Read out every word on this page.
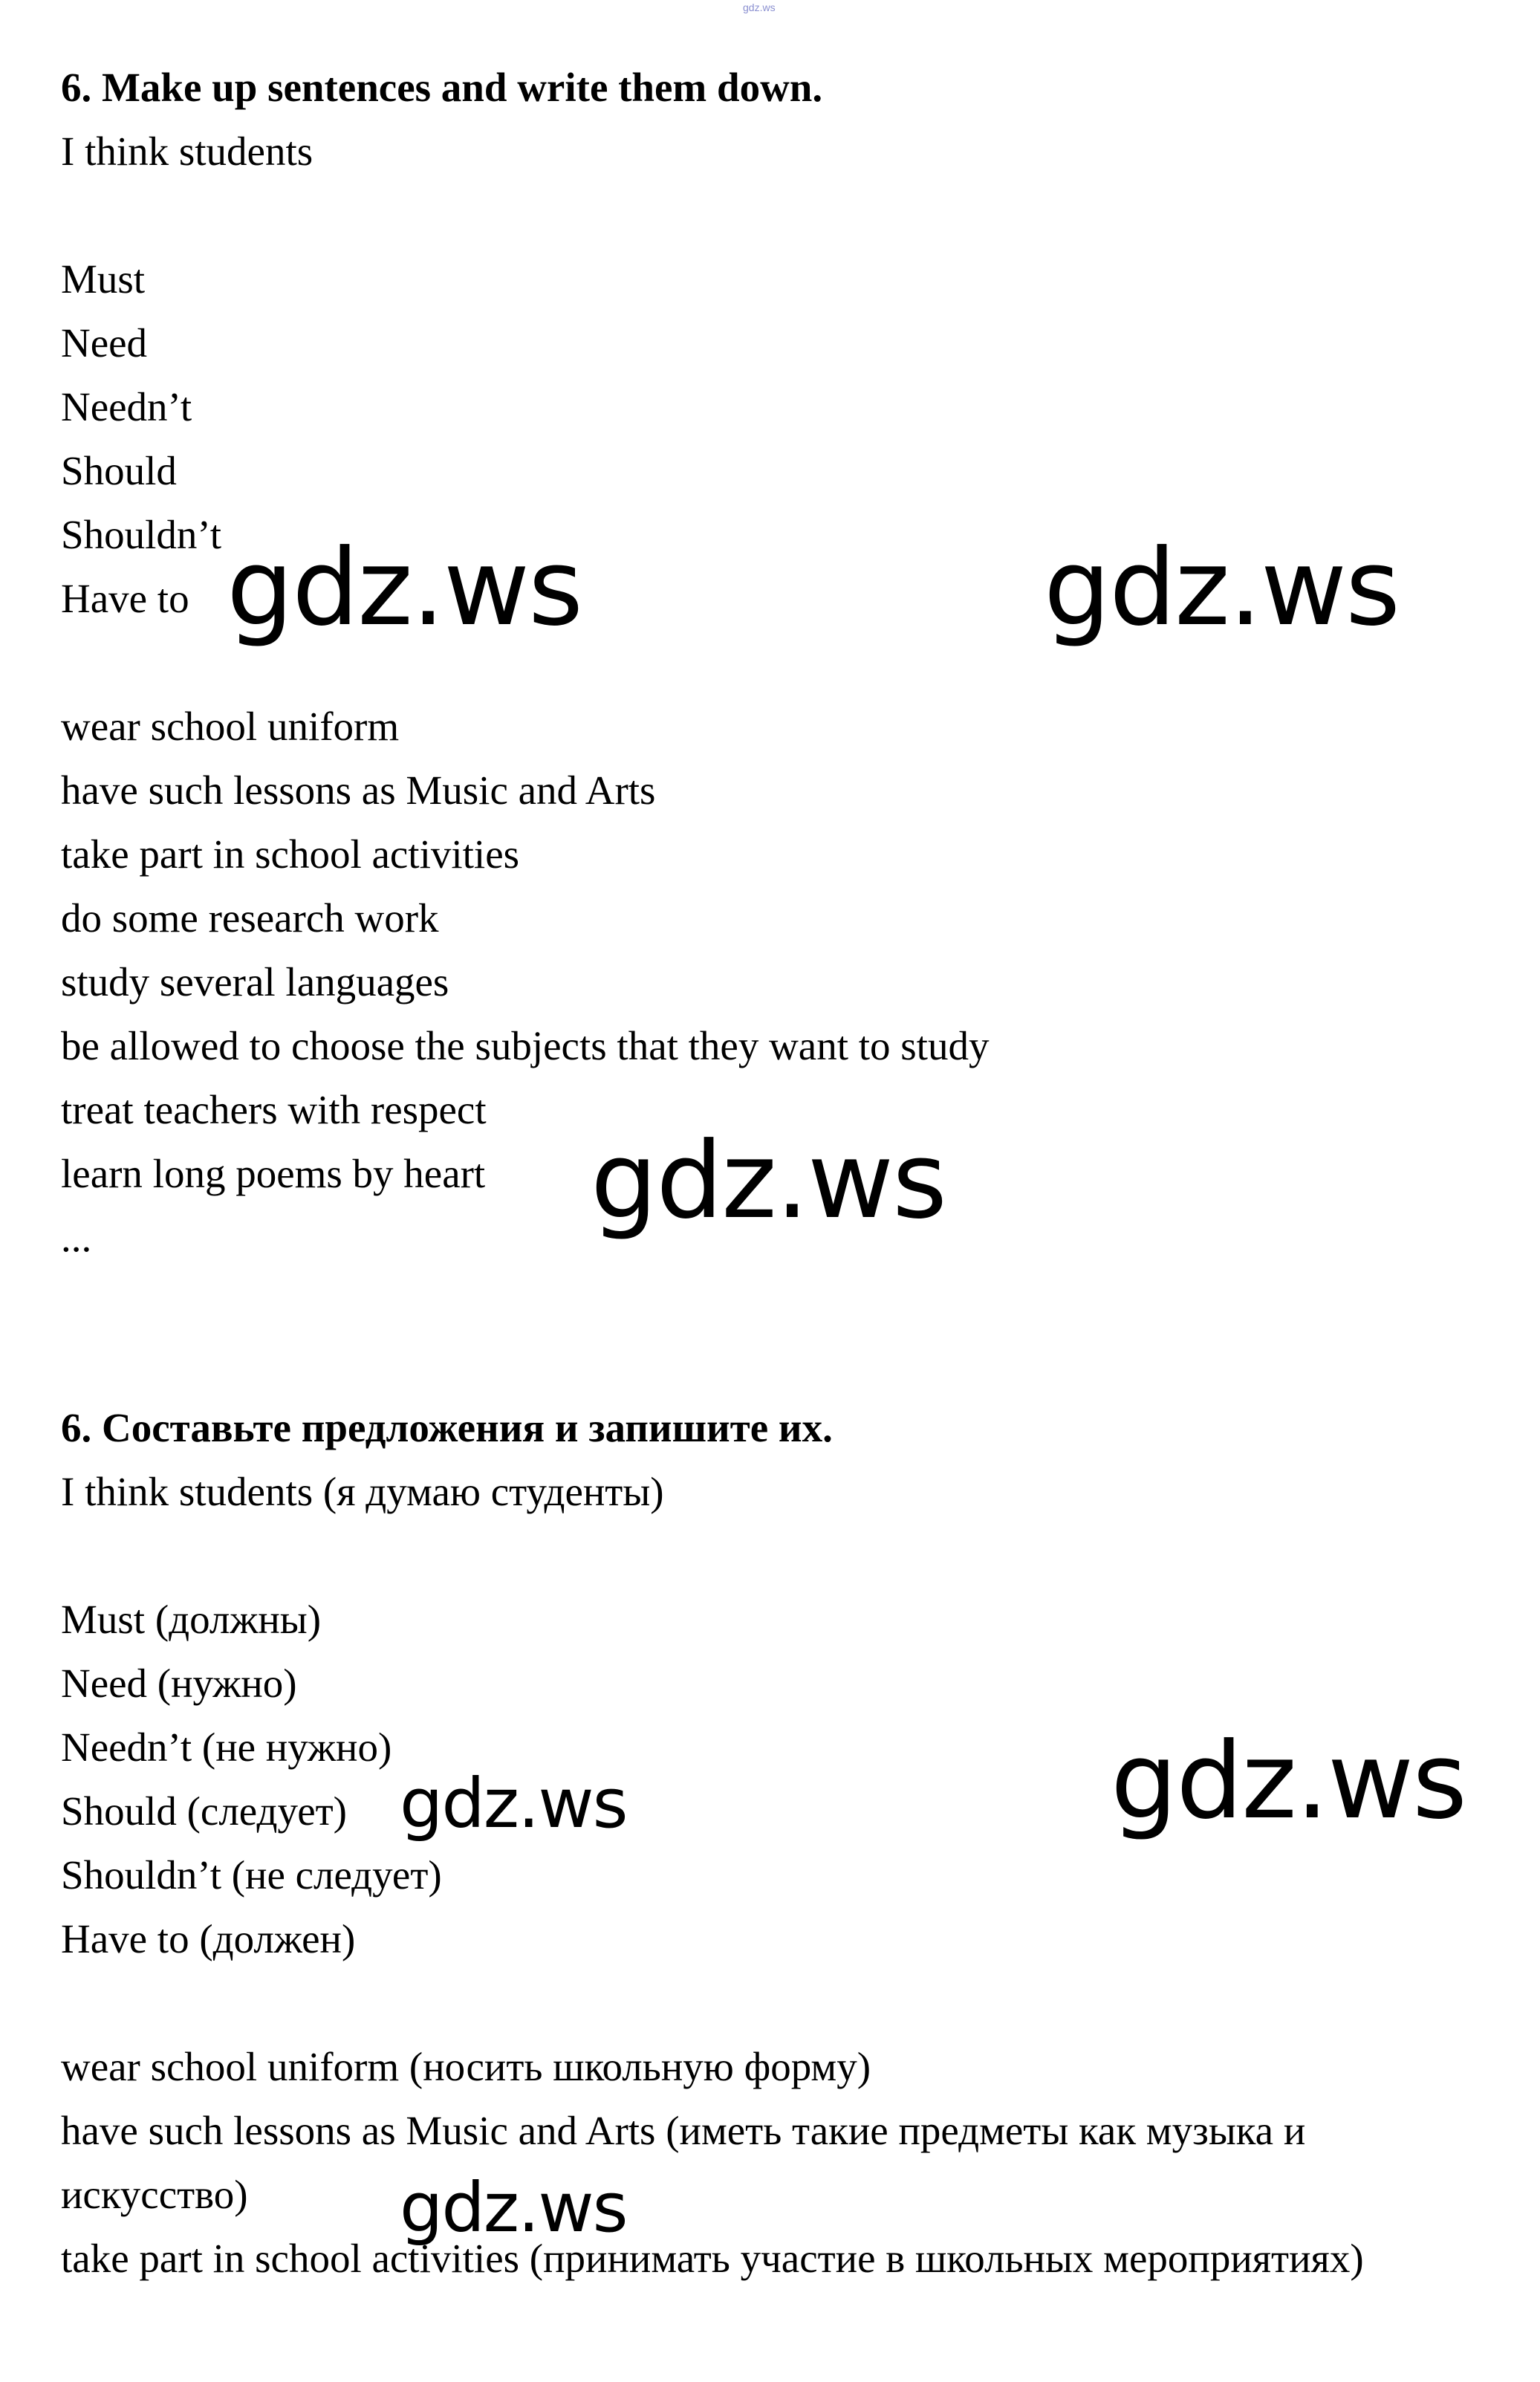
gdz.ws
6. Make up sentences and write them down.
I think students
Must
Need
Needn’t
Should
Shouldn’t
Have to
wear school uniform
have such lessons as Music and Arts
take part in school activities
do some research work
study several languages
be allowed to choose the subjects that they want to study
treat teachers with respect
learn long poems by heart
...
6. Составьте предложения и запишите их.
I think students (я думаю студенты)
Must (должны)
Need (нужно)
Needn’t (не нужно)
Should (следует)
Shouldn’t (не следует)
Have to (должен)
wear school uniform (носить школьную форму)
have such lessons as Music and Arts (иметь такие предметы как музыка и
искусство)
take part in school activities (принимать участие в школьных мероприятиях)
gdz.ws	gdz.ws
gdz.ws
gdz.ws
gdz.ws
gdz.ws
